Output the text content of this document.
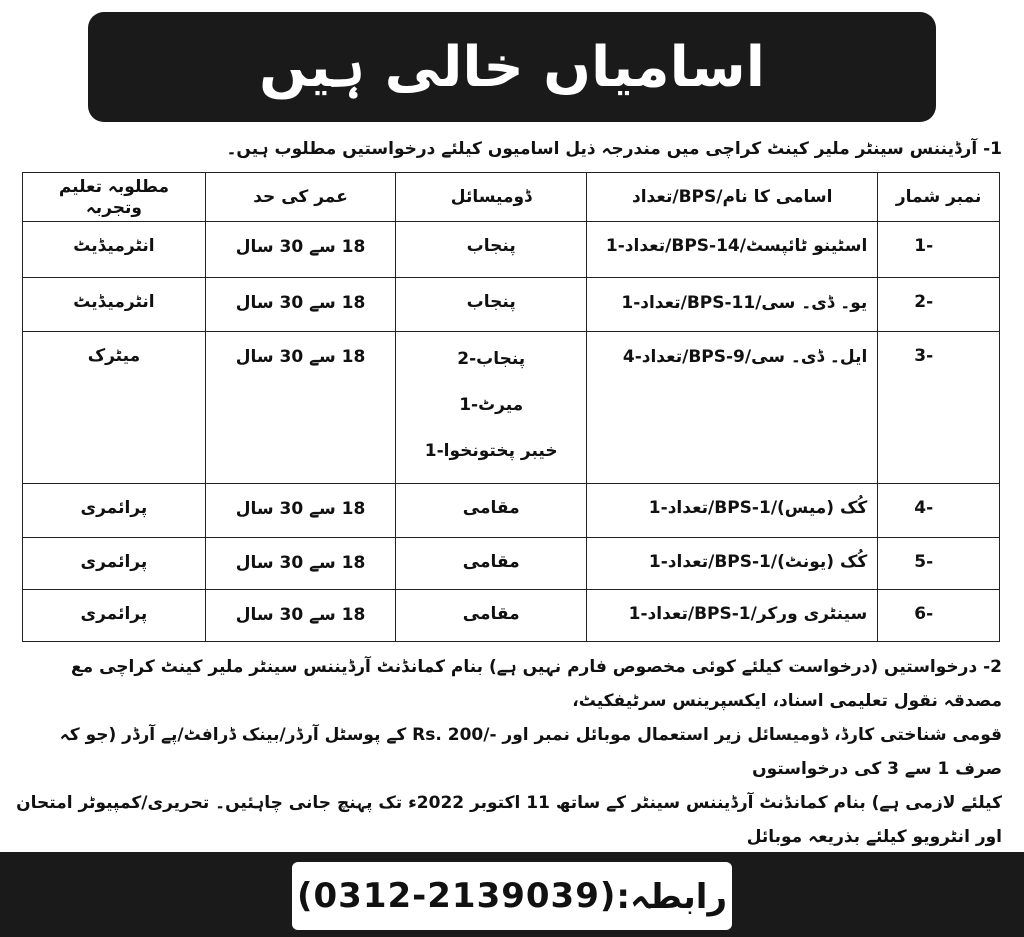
اسامیاں خالی ہیں
1- آرڈیننس سینٹر ملیر کینٹ کراچی میں مندرجہ ذیل اسامیوں کیلئے درخواستیں مطلوب ہیں۔
نمبر شمار	اسامی کا نام/BPS/تعداد	ڈومیسائل	عمر کی حد	مطلوبہ تعلیم وتجربہ
1-	اسٹینو ٹائپسٹ/BPS-14/تعداد-1	پنجاب	18 سے 30 سال	انٹرمیڈیٹ
2-	یو۔ ڈی۔ سی/BPS-11/تعداد-1	پنجاب	18 سے 30 سال	انٹرمیڈیٹ
3-	ایل۔ ڈی۔ سی/BPS-9/تعداد-4	پنجاب-2
میرٹ-1
خیبر پختونخوا-1	18 سے 30 سال	میٹرک
4-	کُک (میس)/BPS-1/تعداد-1	مقامی	18 سے 30 سال	پرائمری
5-	کُک (یونٹ)/BPS-1/تعداد-1	مقامی	18 سے 30 سال	پرائمری
6-	سینٹری ورکر/BPS-1/تعداد-1	مقامی	18 سے 30 سال	پرائمری

2- درخواستیں (درخواست کیلئے کوئی مخصوص فارم نہیں ہے) بنام کمانڈنٹ آرڈیننس سینٹر ملیر کینٹ کراچی مع مصدقہ نقول تعلیمی اسناد، ایکسپرینس سرٹیفکیٹ،

قومی شناختی کارڈ، ڈومیسائل زیر استعمال موبائل نمبر اور -/Rs. 200 کے پوسٹل آرڈر/بینک ڈرافٹ/پے آرڈر (جو کہ صرف 1 سے 3 کی درخواستوں

کیلئے لازمی ہے) بنام کمانڈنٹ آرڈیننس سینٹر کے ساتھ 11 اکتوبر 2022ء تک پہنچ جانی چاہئیں۔ تحریری/کمپیوٹر امتحان اور انٹرویو کیلئے بذریعہ موبائل

رابطہ:
(0312-2139039)
